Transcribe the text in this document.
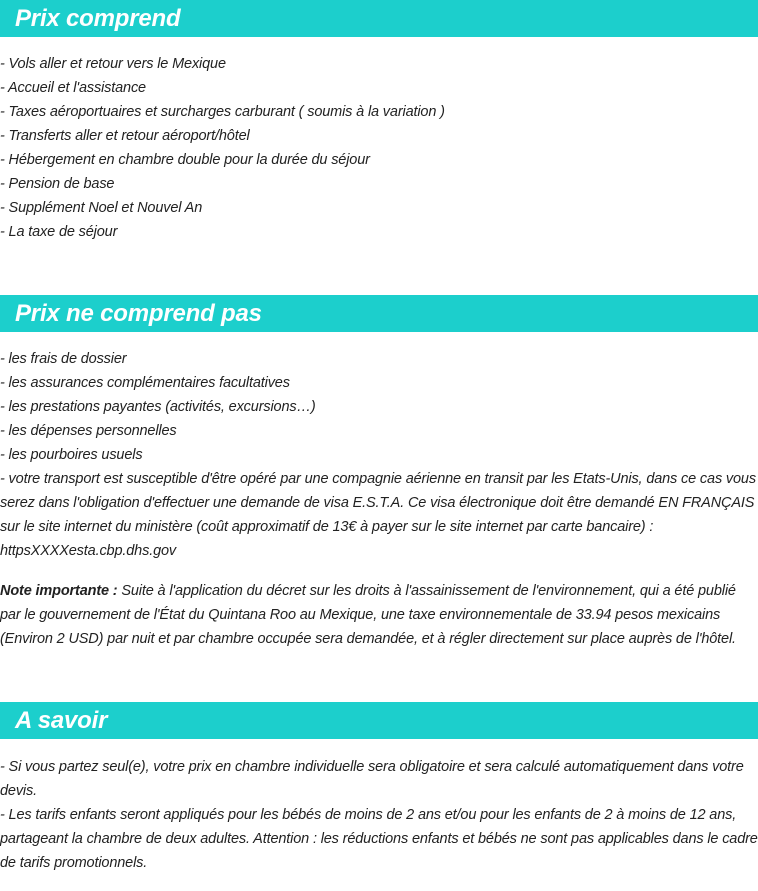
Prix comprend

- Vols aller et retour vers le Mexique

- Accueil et l'assistance

- Taxes aéroportuaires et surcharges carburant ( soumis à la variation )

- Transferts aller et retour aéroport/hôtel

- Hébergement en chambre double pour la durée du séjour

- Pension de base

- Supplément Noel et Nouvel An

- La taxe de séjour

Prix ne comprend pas

- les frais de dossier

- les assurances complémentaires facultatives

- les prestations payantes (activités, excursions…)

- les dépenses personnelles

- les pourboires usuels

- votre transport est susceptible d'être opéré par une compagnie aérienne en transit par les Etats-Unis, dans ce cas vous serez dans l'obligation d'effectuer une demande de visa E.S.T.A. Ce visa électronique doit être demandé EN FRANÇAIS sur le site internet du ministère (coût approximatif de 13€ à payer sur le site internet par carte bancaire) : httpsXXXXesta.cbp.dhs.gov

Note importante : Suite à l'application du décret sur les droits à l'assainissement de l'environnement, qui a été publié par le gouvernement de l'État du Quintana Roo au Mexique, une taxe environnementale de 33.94 pesos mexicains (Environ 2 USD) par nuit et par chambre occupée sera demandée, et à régler directement sur place auprès de l'hôtel.

A savoir

- Si vous partez seul(e), votre prix en chambre individuelle sera obligatoire et sera calculé automatiquement dans votre devis.

- Les tarifs enfants seront appliqués pour les bébés de moins de 2 ans et/ou pour les enfants de 2 à moins de 12 ans, partageant la chambre de deux adultes. Attention : les réductions enfants et bébés ne sont pas applicables dans le cadre de tarifs promotionnels.
